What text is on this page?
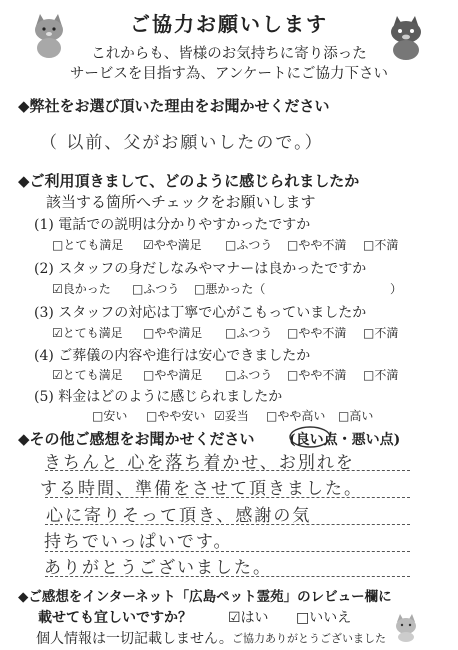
ご協力お願いします
これからも、皆様のお気持ちに寄り添った
サービスを目指す為、アンケートにご協力下さい
◆弊社をお選び頂いた理由をお聞かせください
（ 以前、父がお願いしたので。）
◆ご利用頂きまして、どのように感じられましたか
該当する箇所へチェックをお願いします
(1) 電話での説明は分かりやすかったですか
□とても満足 ☑やや満足 □ふつう □やや不満 □不満
(2) スタッフの身だしなみやマナーは良かったですか
☑良かった □ふつう □悪かった（	）
(3) スタッフの対応は丁寧で心がこもっていましたか
☑とても満足 □やや満足 □ふつう □やや不満 □不満
(4) ご葬儀の内容や進行は安心できましたか
☑とても満足 □やや満足 □ふつう □やや不満 □不満
(5) 料金はどのように感じられましたか
□安い □やや安い ☑妥当 □やや高い □高い
◆その他ご感想をお聞かせください (良い点・悪い点)
きちんと 心を落ち着かせ、お別れを
する時間、準備をさせて頂きました。
心に寄りそって頂き、感謝の気
持ちでいっぱいです。
ありがとうございました。
◆ご感想をインターネット「広島ペット霊苑」のレビュー欄に
載せても宜しいですか？	☑はい □いいえ
個人情報は一切記載しません。 ご協力ありがとうございました
